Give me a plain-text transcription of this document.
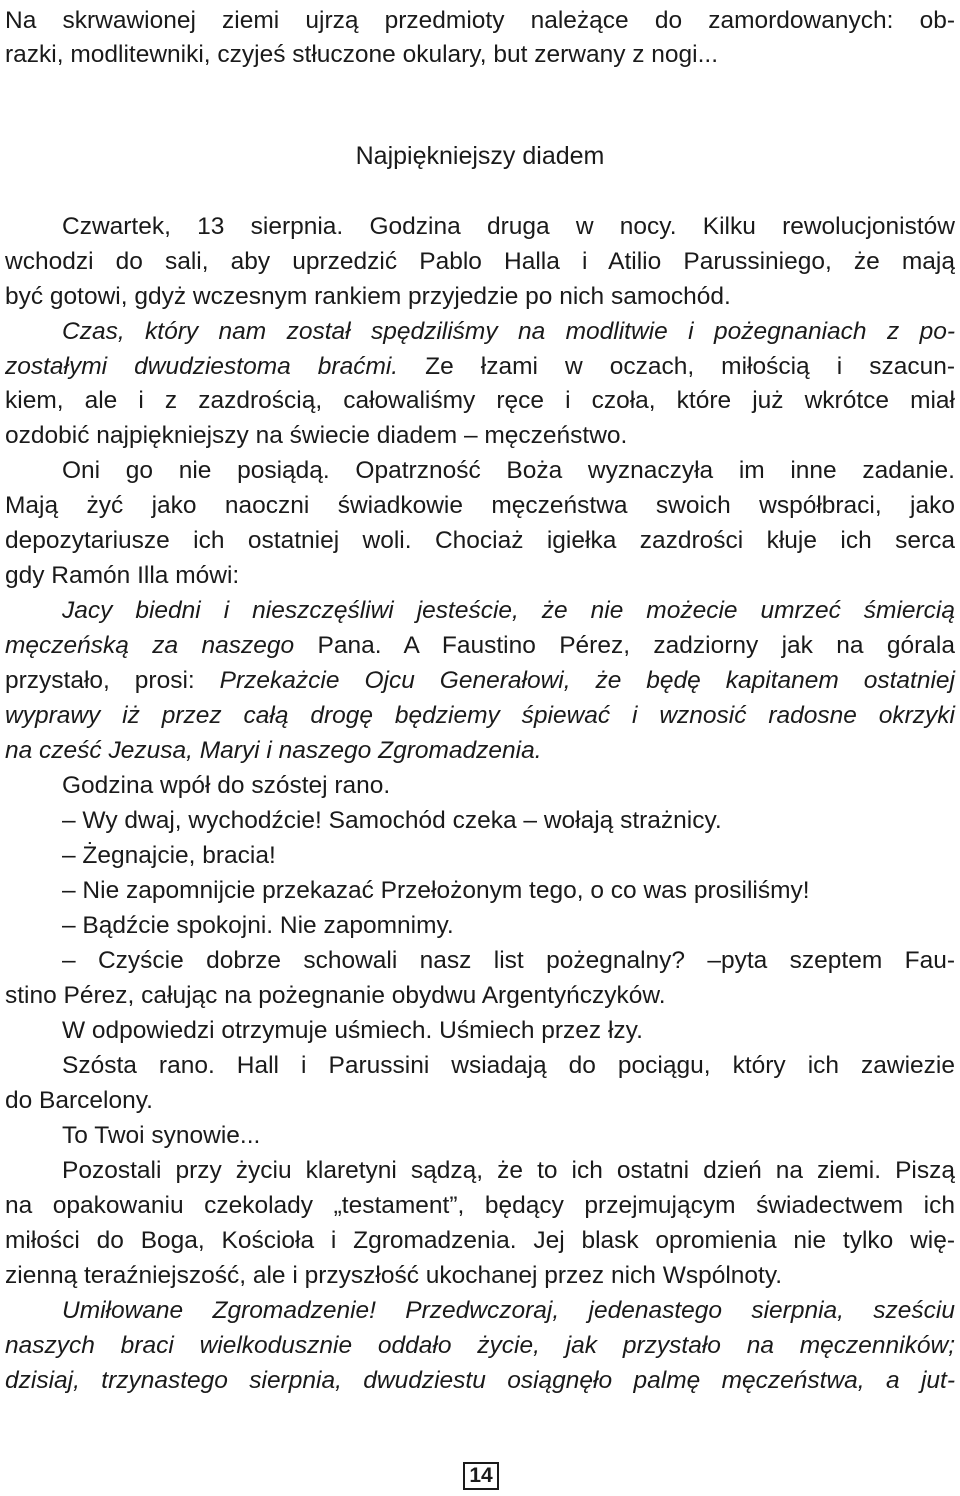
Na skrwawionej ziemi ujrzą przedmioty należące do zamordowanych: ob-
razki, modlitewniki, czyjeś stłuczone okulary, but zerwany z nogi...
Najpiękniejszy diadem
Czwartek, 13 sierpnia. Godzina druga w nocy. Kilku rewolucjonistów
wchodzi do sali, aby uprzedzić Pablo Halla i Atilio Parussiniego, że mają
być gotowi, gdyż wczesnym rankiem przyjedzie po nich samochód.
Czas, który nam został spędziliśmy na modlitwie i pożegnaniach z po-
zostałymi dwudziestoma braćmi. Ze łzami w oczach, miłością i szacun-
kiem, ale i z zazdrością, całowaliśmy ręce i czoła, które już wkrótce miał
ozdobić najpiękniejszy na świecie diadem – męczeństwo.
Oni go nie posiądą. Opatrzność Boża wyznaczyła im inne zadanie.
Mają żyć jako naoczni świadkowie męczeństwa swoich współbraci, jako
depozytariusze ich ostatniej woli. Chociaż igiełka zazdrości kłuje ich serca
gdy Ramón Illa mówi:
Jacy biedni i nieszczęśliwi jesteście, że nie możecie umrzeć śmiercią
męczeńską za naszego Pana. A Faustino Pérez, zadziorny jak na górala
przystało, prosi: Przekażcie Ojcu Generałowi, że będę kapitanem ostatniej
wyprawy iż przez całą drogę będziemy śpiewać i wznosić radosne okrzyki
na cześć Jezusa, Maryi i naszego Zgromadzenia.
Godzina wpół do szóstej rano.
– Wy dwaj, wychodźcie! Samochód czeka – wołają strażnicy.
– Żegnajcie, bracia!
– Nie zapomnijcie przekazać Przełożonym tego, o co was prosiliśmy!
– Bądźcie spokojni. Nie zapomnimy.
– Czyście dobrze schowali nasz list pożegnalny? –pyta szeptem Fau-
stino Pérez, całując na pożegnanie obydwu Argentyńczyków.
W odpowiedzi otrzymuje uśmiech. Uśmiech przez łzy.
Szósta rano. Hall i Parussini wsiadają do pociągu, który ich zawiezie
do Barcelony.
To Twoi synowie...
Pozostali przy życiu klaretyni sądzą, że to ich ostatni dzień na ziemi. Piszą
na opakowaniu czekolady „testament”, będący przejmującym świadectwem ich
miłości do Boga, Kościoła i Zgromadzenia. Jej blask opromienia nie tylko wię-
zienną teraźniejszość, ale i przyszłość ukochanej przez nich Wspólnoty.
Umiłowane Zgromadzenie! Przedwczoraj, jedenastego sierpnia, sześciu
naszych braci wielkodusznie oddało życie, jak przystało na męczenników;
dzisiaj, trzynastego sierpnia, dwudziestu osiągnęło palmę męczeństwa, a jut-
14
